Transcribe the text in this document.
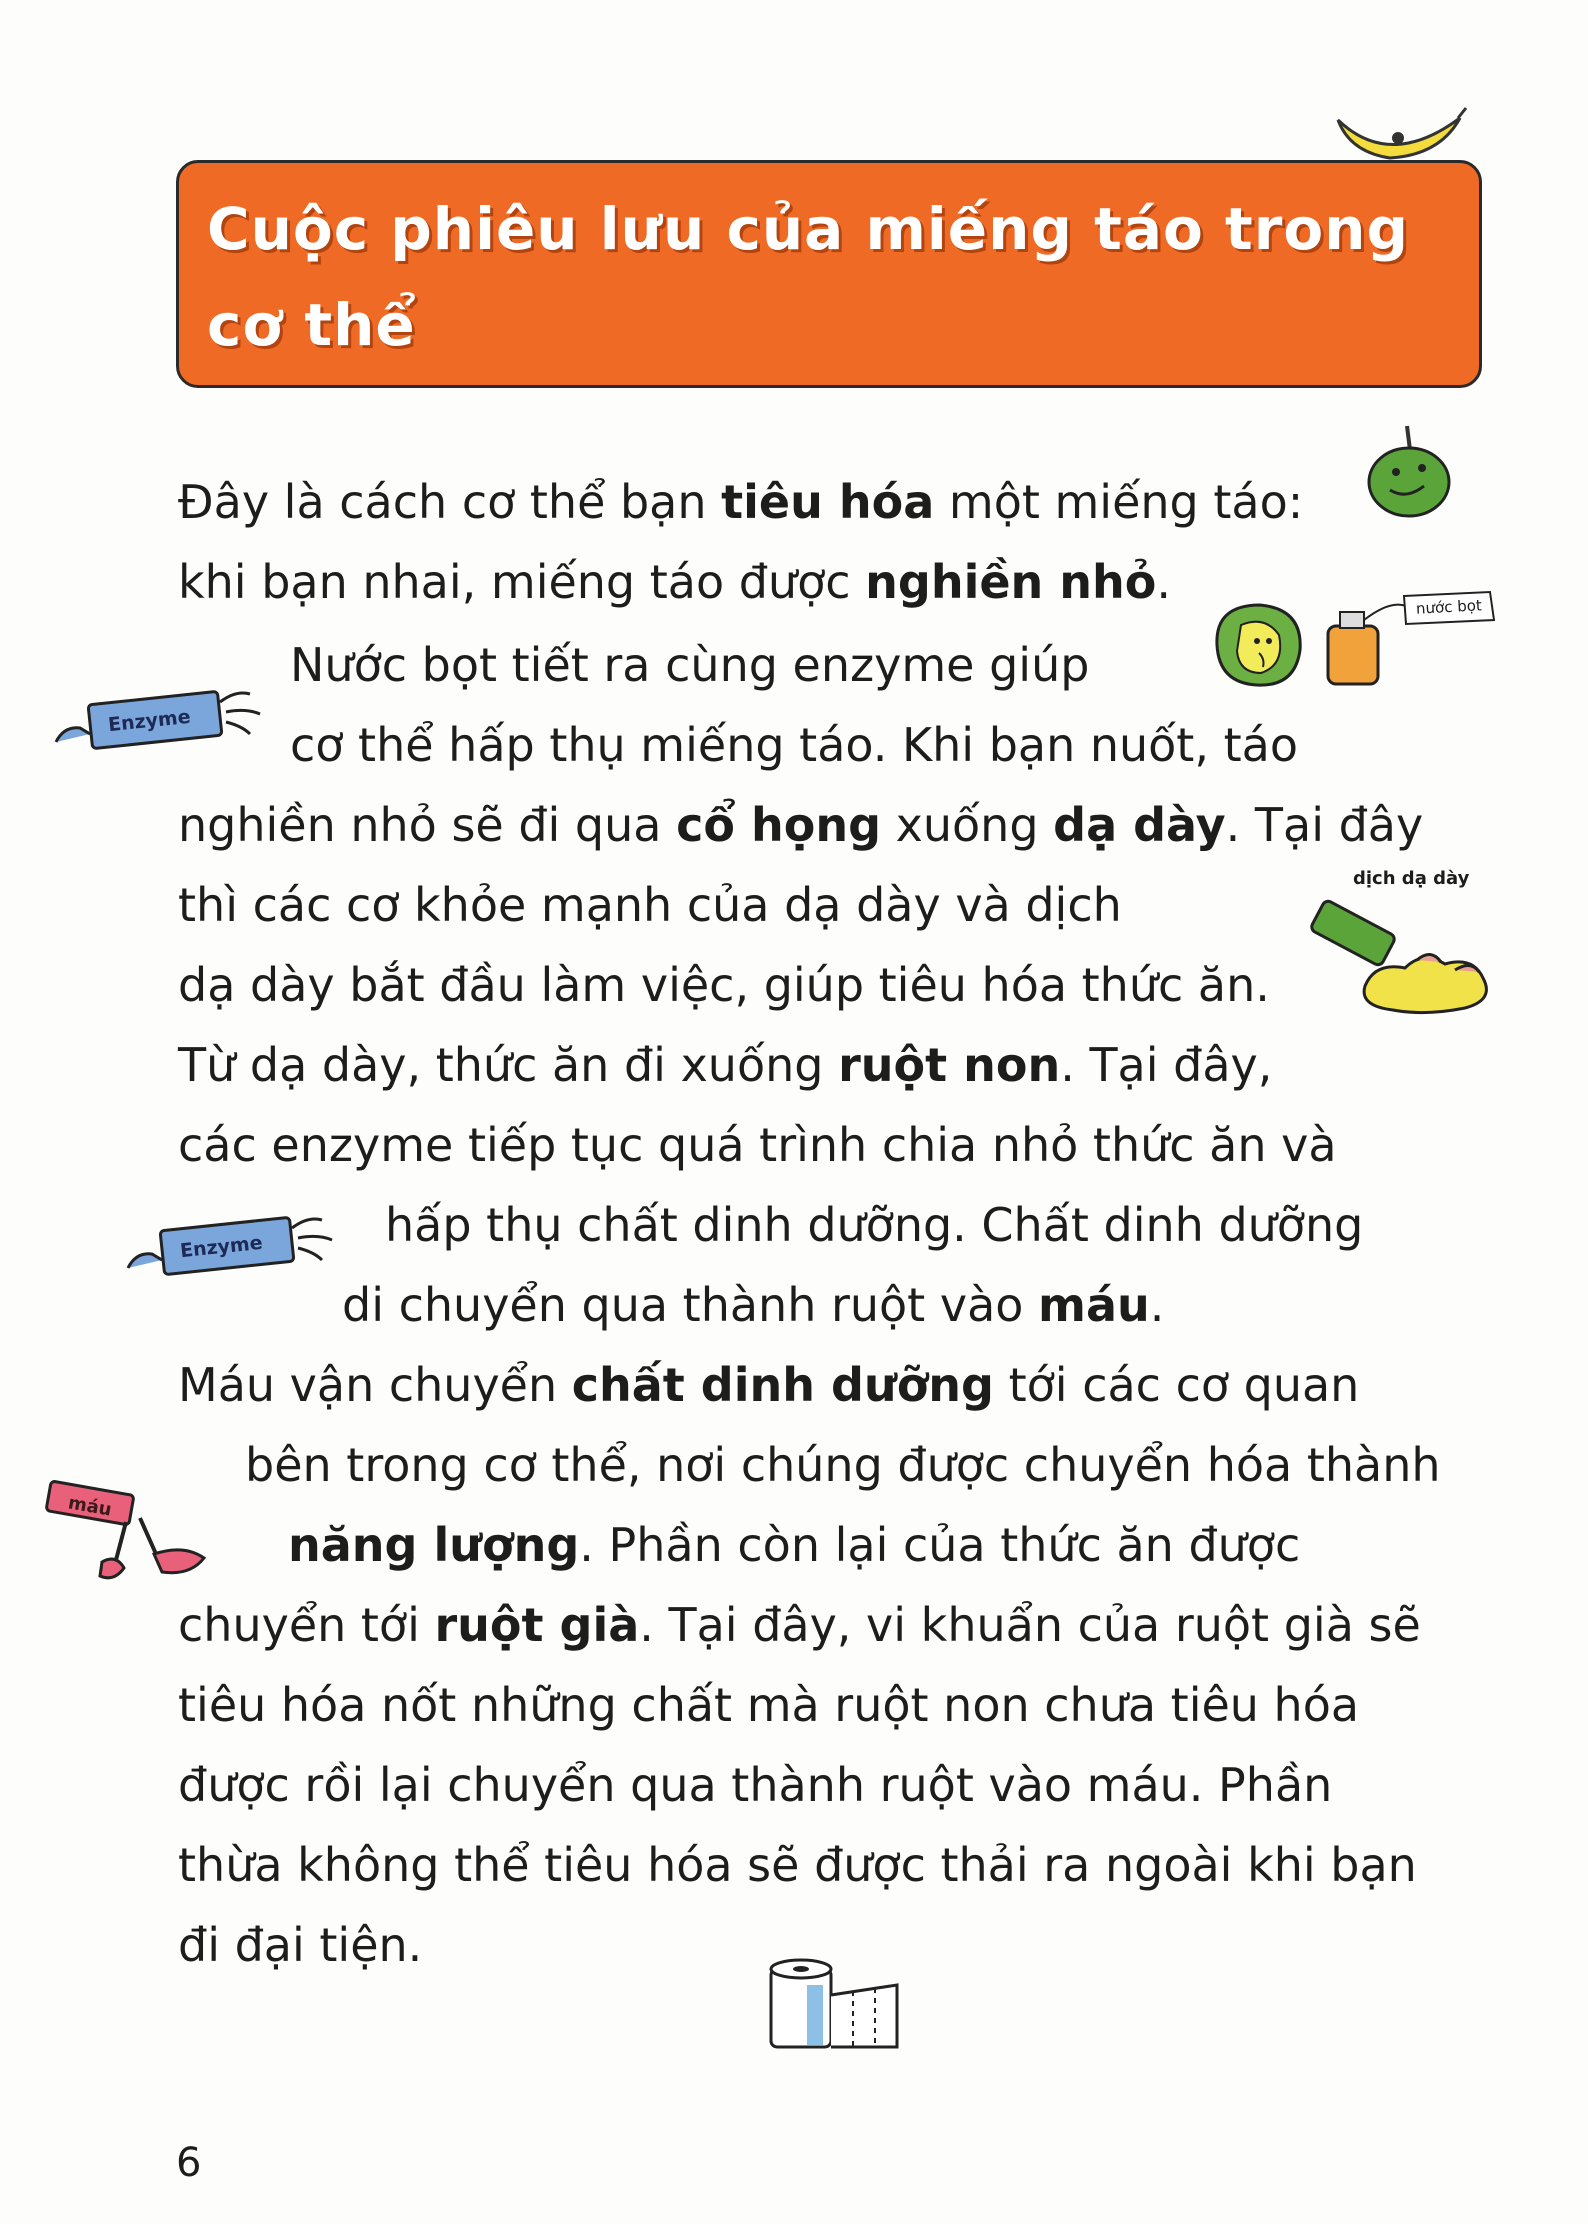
Cuộc phiêu lưu của miếng táo trong
cơ thể
Đây là cách cơ thể bạn tiêu hóa một miếng táo:
khi bạn nhai, miếng táo được nghiền nhỏ.
Nước bọt tiết ra cùng enzyme giúp
cơ thể hấp thụ miếng táo. Khi bạn nuốt, táo
nghiền nhỏ sẽ đi qua cổ họng xuống dạ dày. Tại đây
thì các cơ khỏe mạnh của dạ dày và dịch
dạ dày bắt đầu làm việc, giúp tiêu hóa thức ăn.
Từ dạ dày, thức ăn đi xuống ruột non. Tại đây,
các enzyme tiếp tục quá trình chia nhỏ thức ăn và
hấp thụ chất dinh dưỡng. Chất dinh dưỡng
di chuyển qua thành ruột vào máu.
Máu vận chuyển chất dinh dưỡng tới các cơ quan
bên trong cơ thể, nơi chúng được chuyển hóa thành
năng lượng. Phần còn lại của thức ăn được
chuyển tới ruột già. Tại đây, vi khuẩn của ruột già sẽ
tiêu hóa nốt những chất mà ruột non chưa tiêu hóa
được rồi lại chuyển qua thành ruột vào máu. Phần
thừa không thể tiêu hóa sẽ được thải ra ngoài khi bạn
đi đại tiện.
nước bọt
Enzyme
dịch dạ dày
Enzyme
máu
6
